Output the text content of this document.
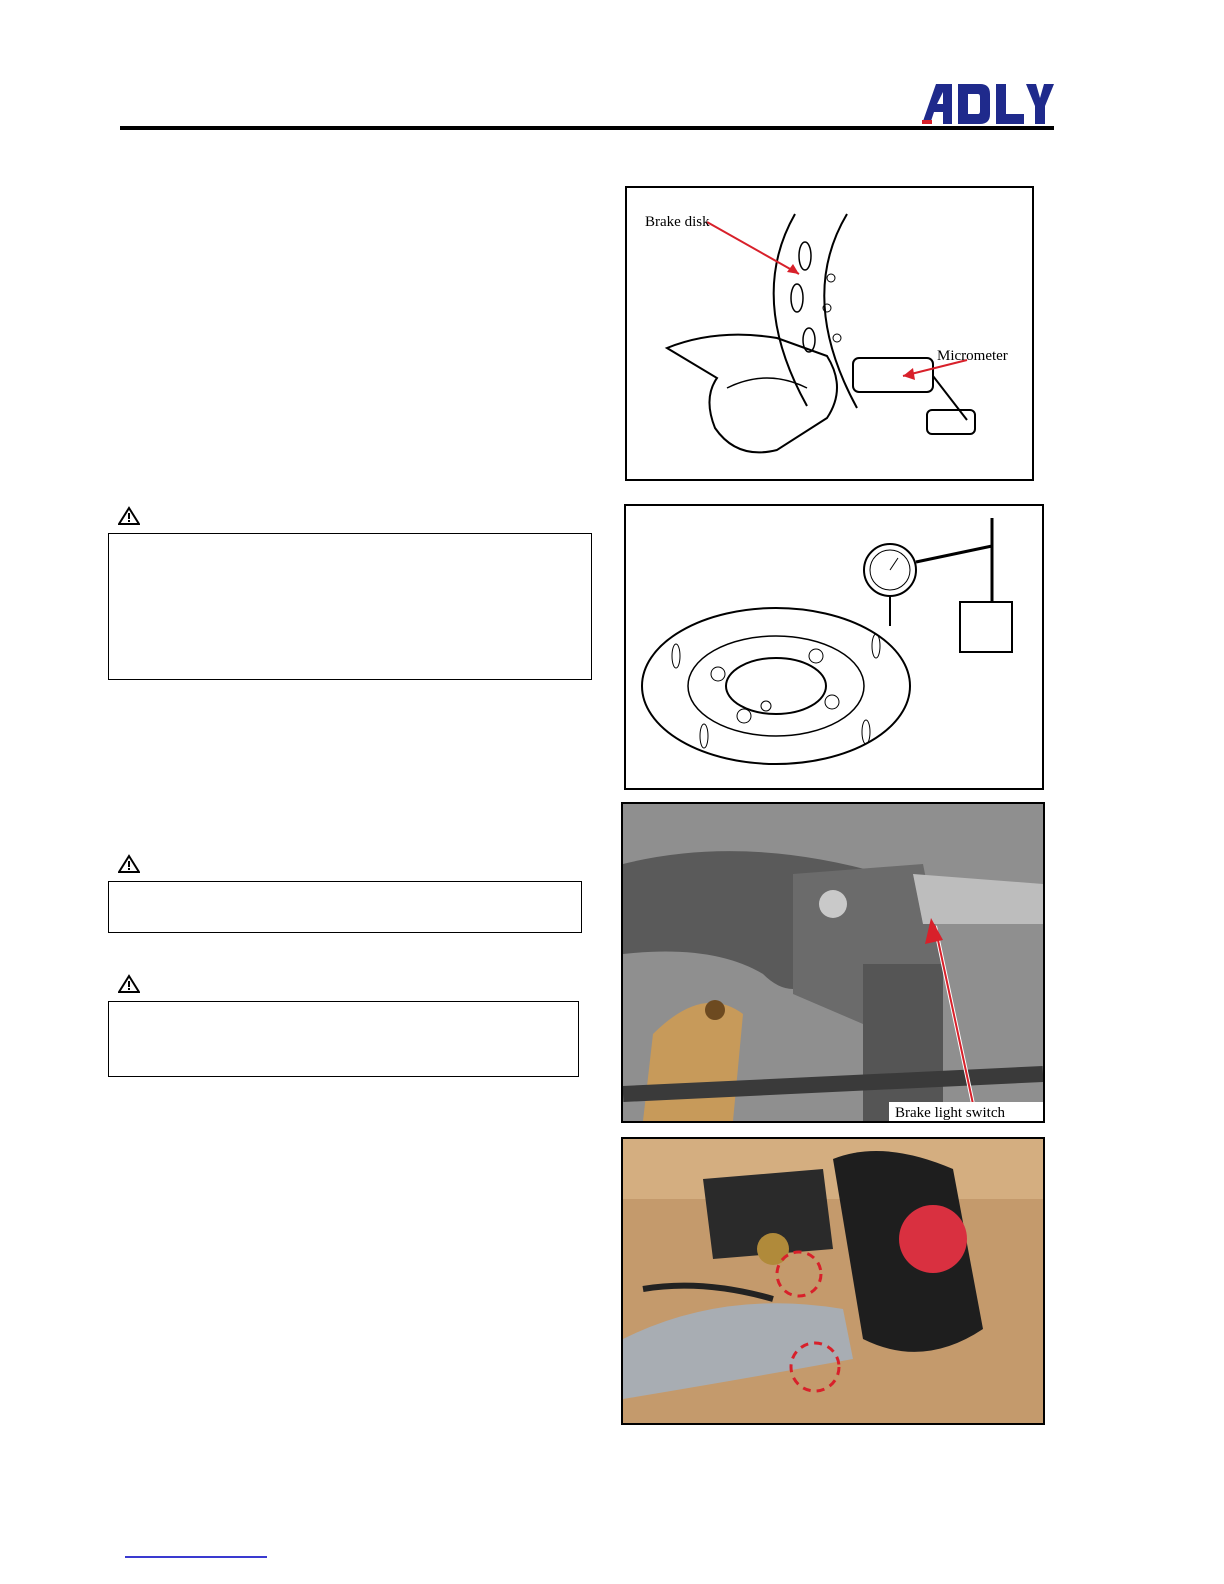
Brake disk
Micrometer
Brake light switch
